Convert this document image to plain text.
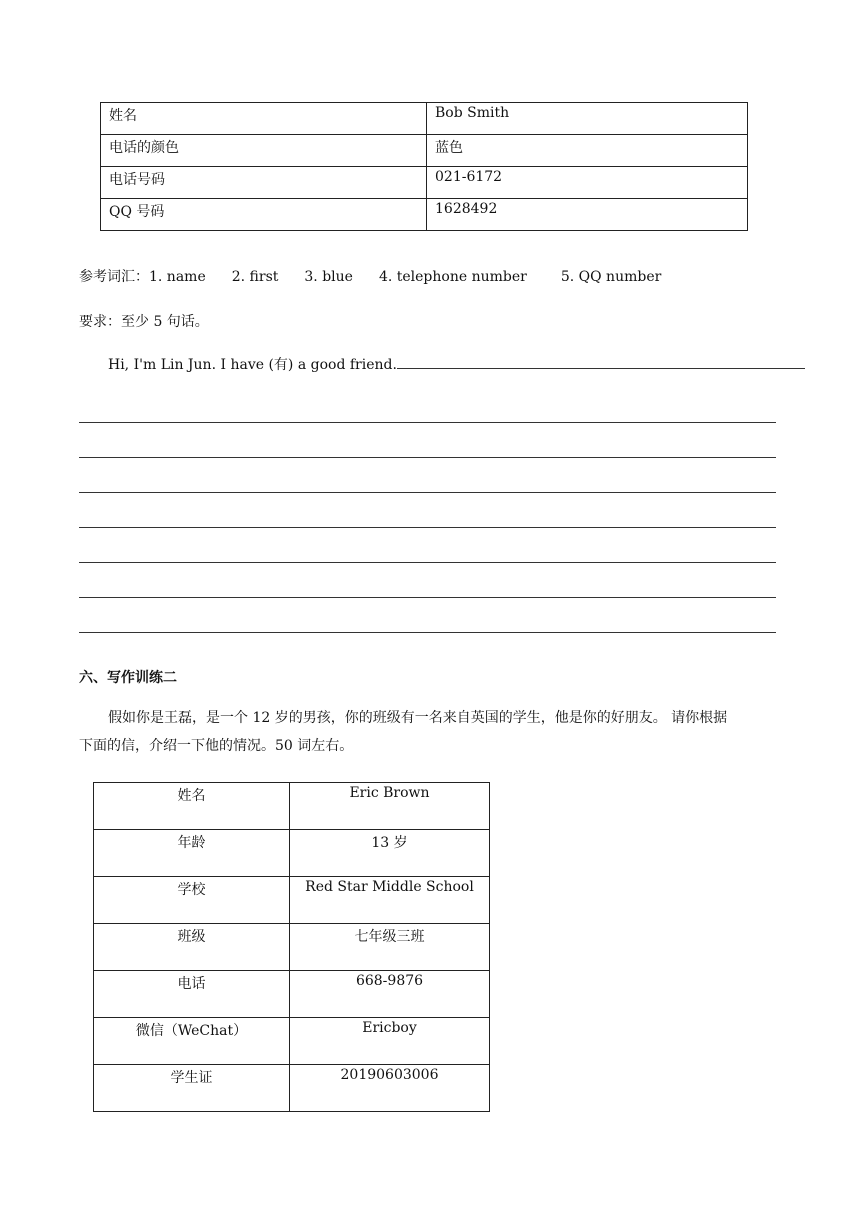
姓名	Bob Smith
电话的颜色	蓝色
电话号码	021-6172
QQ 号码	1628492
参考词汇：1. name 2. first 3. blue 4. telephone number 5. QQ number
要求：至少 5 句话。
Hi, I'm Lin Jun. I have (有) a good friend.
六、写作训练二
假如你是王磊，是一个 12 岁的男孩，你的班级有一名来自英国的学生，他是你的好朋友。 请你根据
下面的信，介绍一下他的情况。50 词左右。
姓名	Eric Brown
年龄	13 岁
学校	Red Star Middle School
班级	七年级三班
电话	668-9876
微信（WeChat）	Ericboy
学生证	20190603006
